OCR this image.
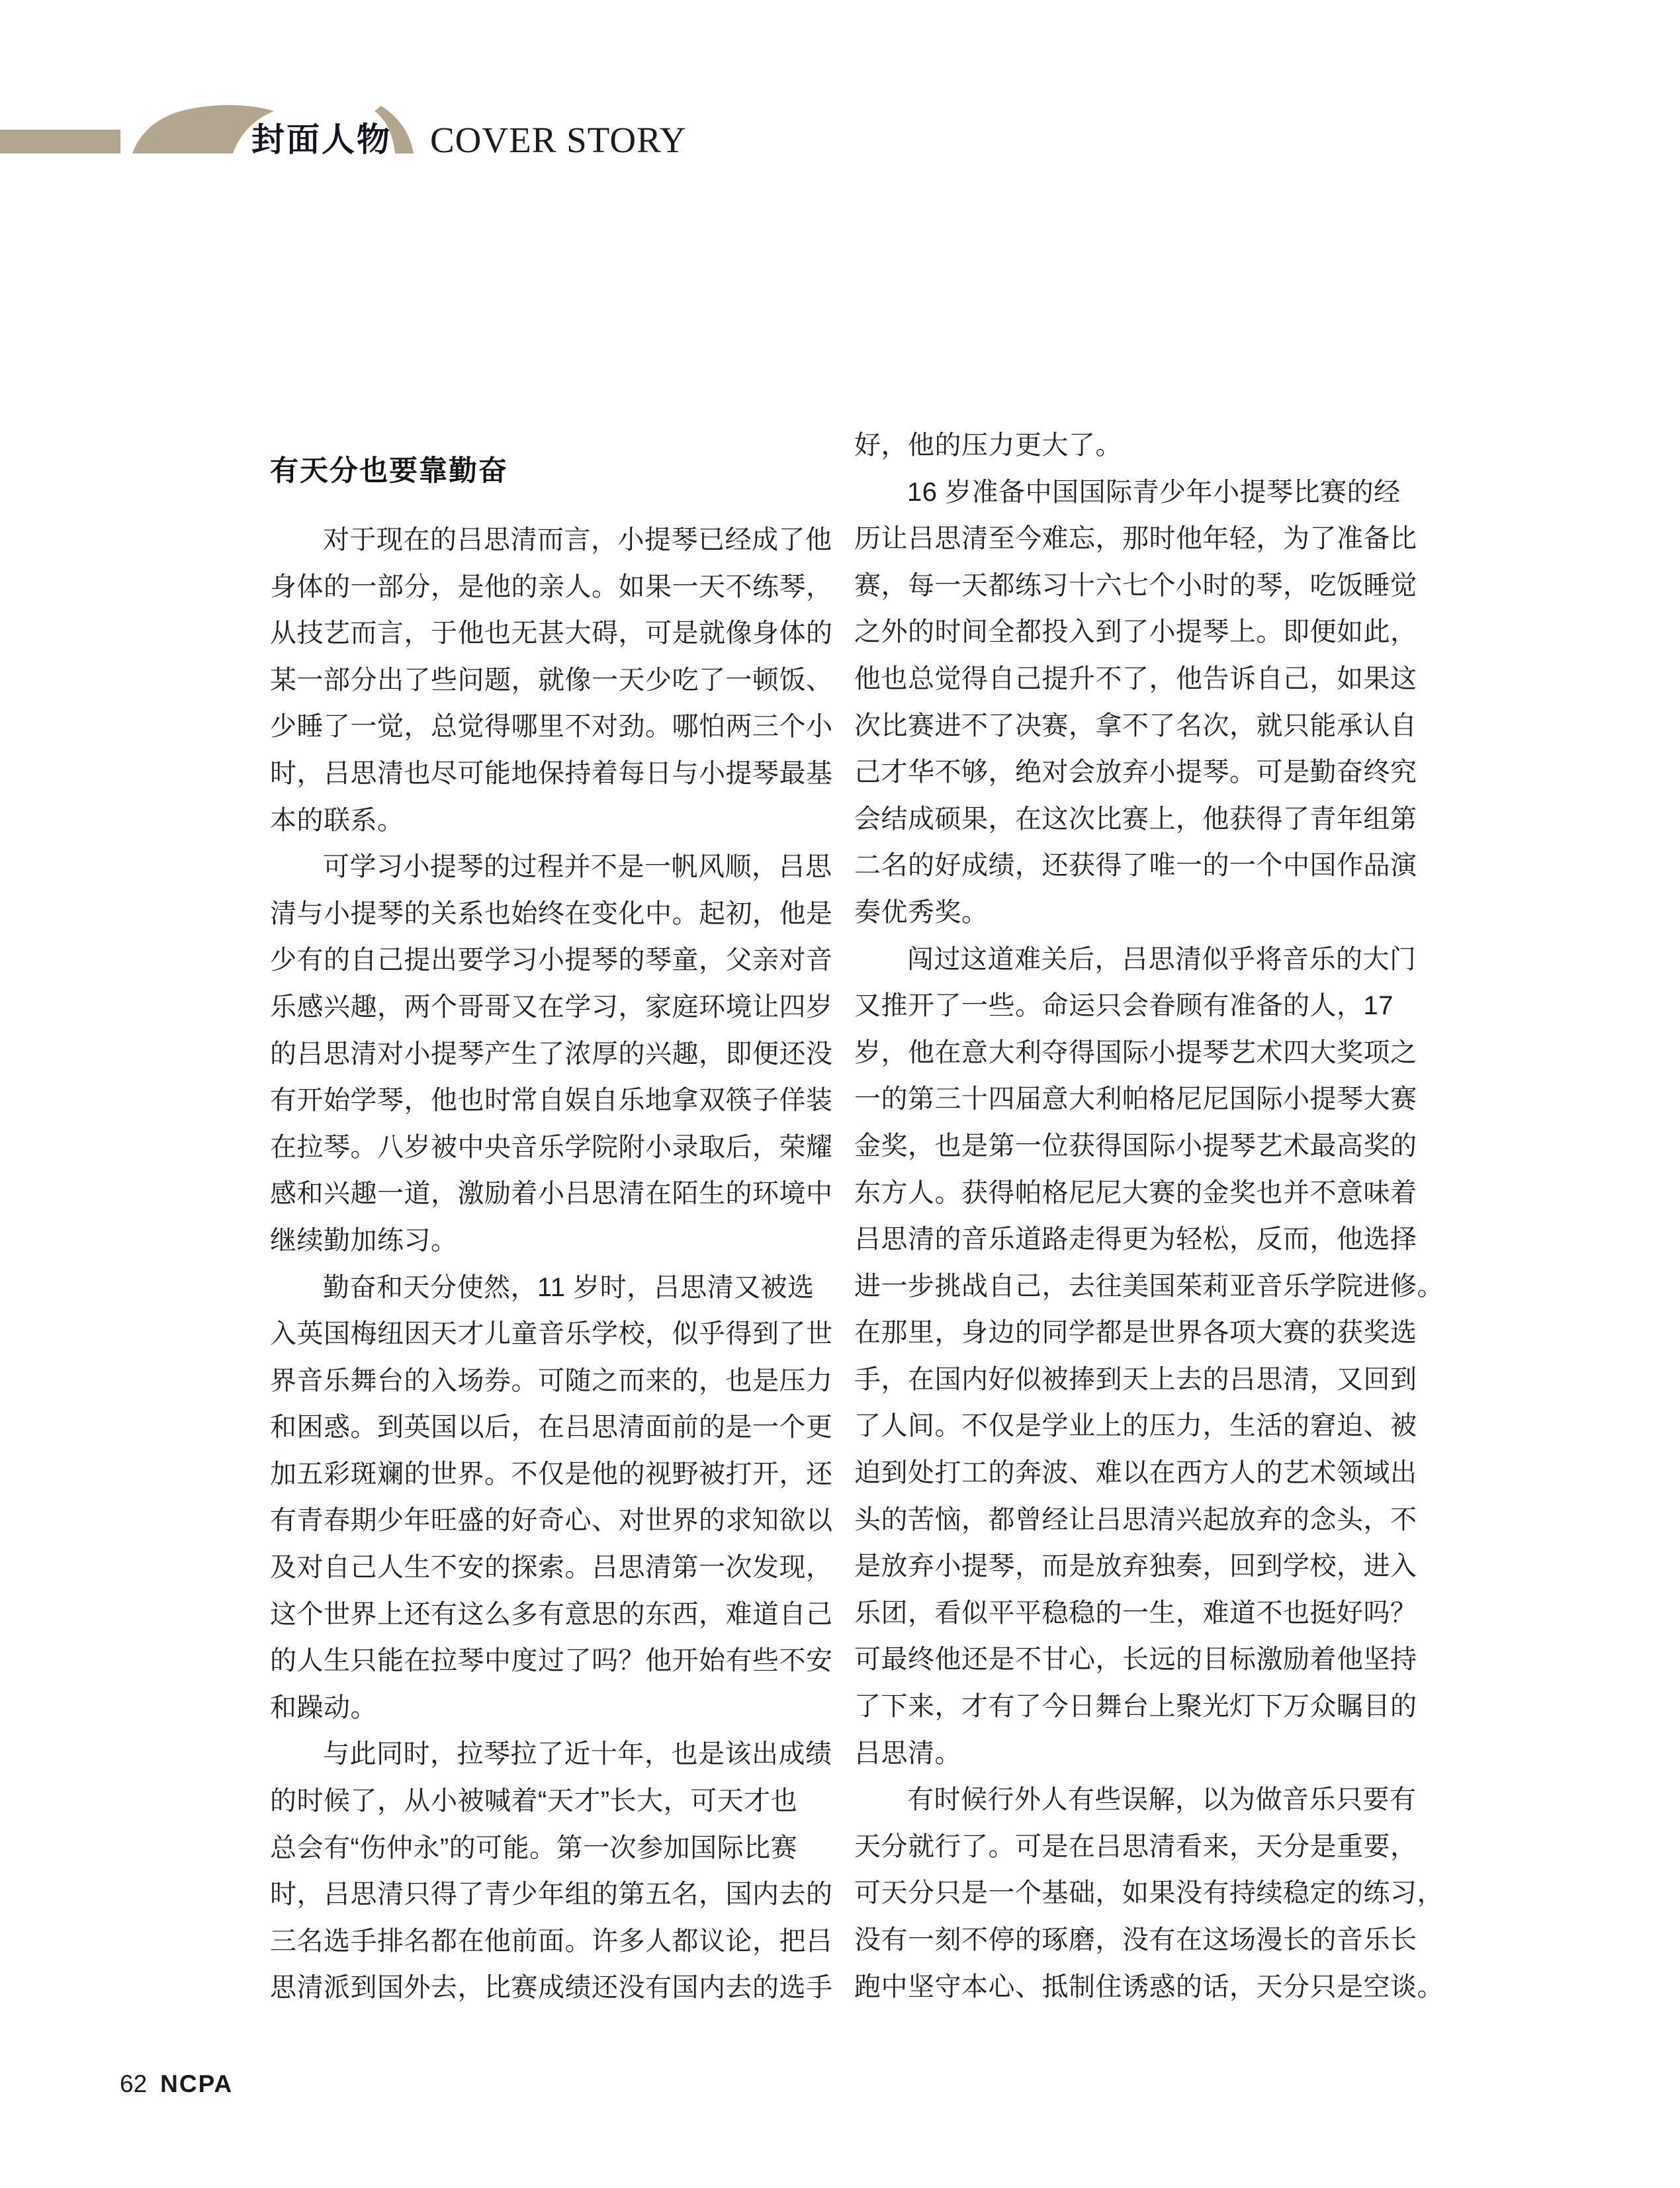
封面人物 COVER STORY
有天分也要靠勤奋
对于现在的吕思清而言，小提琴已经成了他
身体的一部分，是他的亲人。如果一天不练琴，
从技艺而言，于他也无甚大碍，可是就像身体的
某一部分出了些问题，就像一天少吃了一顿饭、
少睡了一觉，总觉得哪里不对劲。哪怕两三个小
时，吕思清也尽可能地保持着每日与小提琴最基
本的联系。
可学习小提琴的过程并不是一帆风顺，吕思
清与小提琴的关系也始终在变化中。起初，他是
少有的自己提出要学习小提琴的琴童，父亲对音
乐感兴趣，两个哥哥又在学习，家庭环境让四岁
的吕思清对小提琴产生了浓厚的兴趣，即便还没
有开始学琴，他也时常自娱自乐地拿双筷子佯装
在拉琴。八岁被中央音乐学院附小录取后，荣耀
感和兴趣一道，激励着小吕思清在陌生的环境中
继续勤加练习。
勤奋和天分使然，11 岁时，吕思清又被选
入英国梅纽因天才儿童音乐学校，似乎得到了世
界音乐舞台的入场券。可随之而来的，也是压力
和困惑。到英国以后，在吕思清面前的是一个更
加五彩斑斓的世界。不仅是他的视野被打开，还
有青春期少年旺盛的好奇心、对世界的求知欲以
及对自己人生不安的探索。吕思清第一次发现，
这个世界上还有这么多有意思的东西，难道自己
的人生只能在拉琴中度过了吗？他开始有些不安
和躁动。
与此同时，拉琴拉了近十年，也是该出成绩
的时候了，从小被喊着“天才”长大，可天才也
总会有“伤仲永”的可能。第一次参加国际比赛
时，吕思清只得了青少年组的第五名，国内去的
三名选手排名都在他前面。许多人都议论，把吕
思清派到国外去，比赛成绩还没有国内去的选手
好，他的压力更大了。
16 岁准备中国国际青少年小提琴比赛的经
历让吕思清至今难忘，那时他年轻，为了准备比
赛，每一天都练习十六七个小时的琴，吃饭睡觉
之外的时间全都投入到了小提琴上。即便如此，
他也总觉得自己提升不了，他告诉自己，如果这
次比赛进不了决赛，拿不了名次，就只能承认自
己才华不够，绝对会放弃小提琴。可是勤奋终究
会结成硕果，在这次比赛上，他获得了青年组第
二名的好成绩，还获得了唯一的一个中国作品演
奏优秀奖。
闯过这道难关后，吕思清似乎将音乐的大门
又推开了一些。命运只会眷顾有准备的人，17
岁，他在意大利夺得国际小提琴艺术四大奖项之
一的第三十四届意大利帕格尼尼国际小提琴大赛
金奖，也是第一位获得国际小提琴艺术最高奖的
东方人。获得帕格尼尼大赛的金奖也并不意味着
吕思清的音乐道路走得更为轻松，反而，他选择
进一步挑战自己，去往美国茱莉亚音乐学院进修。
在那里，身边的同学都是世界各项大赛的获奖选
手，在国内好似被捧到天上去的吕思清，又回到
了人间。不仅是学业上的压力，生活的窘迫、被
迫到处打工的奔波、难以在西方人的艺术领域出
头的苦恼，都曾经让吕思清兴起放弃的念头，不
是放弃小提琴，而是放弃独奏，回到学校，进入
乐团，看似平平稳稳的一生，难道不也挺好吗？
可最终他还是不甘心，长远的目标激励着他坚持
了下来，才有了今日舞台上聚光灯下万众瞩目的
吕思清。
有时候行外人有些误解，以为做音乐只要有
天分就行了。可是在吕思清看来，天分是重要，
可天分只是一个基础，如果没有持续稳定的练习，
没有一刻不停的琢磨，没有在这场漫长的音乐长
跑中坚守本心、抵制住诱惑的话，天分只是空谈。
62 NCPA
